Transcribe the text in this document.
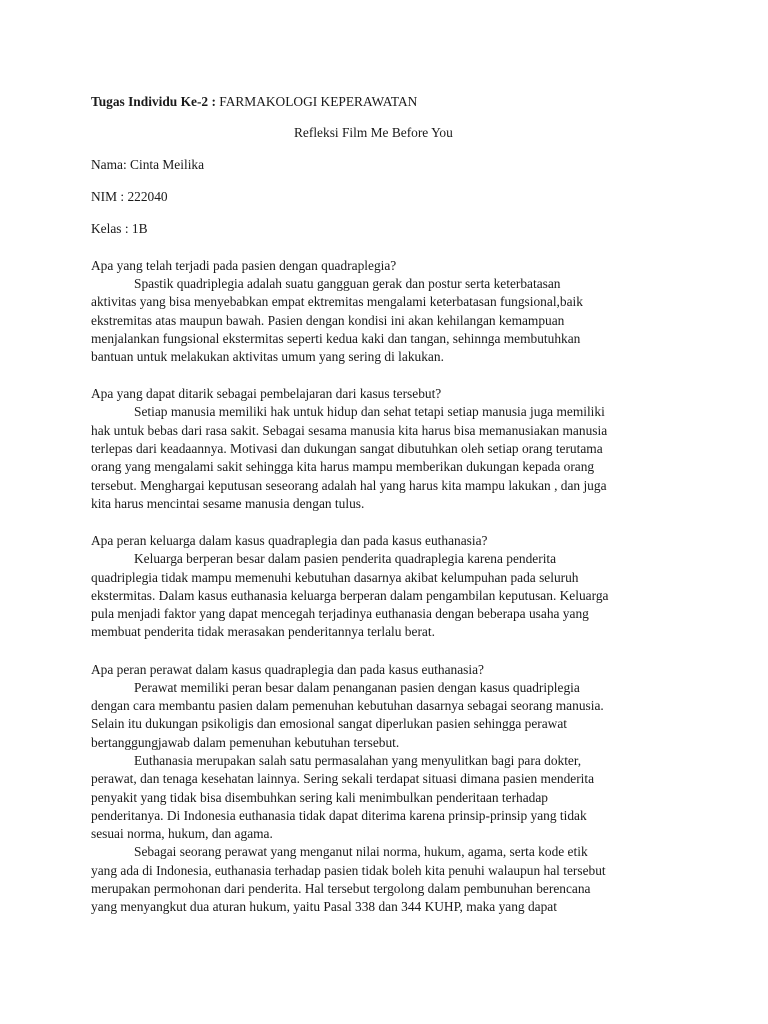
Tugas Individu Ke-2 : FARMAKOLOGI KEPERAWATAN
Refleksi Film Me Before You
Nama: Cinta Meilika
NIM : 222040
Kelas : 1B
Apa yang telah terjadi pada pasien dengan quadraplegia?
Spastik quadriplegia adalah suatu gangguan gerak dan postur serta keterbatasan
aktivitas yang bisa menyebabkan empat ektremitas mengalami keterbatasan fungsional,baik
ekstremitas atas maupun bawah. Pasien dengan kondisi ini akan kehilangan kemampuan
menjalankan fungsional ekstermitas seperti kedua kaki dan tangan, sehinnga membutuhkan
bantuan untuk melakukan aktivitas umum yang sering di lakukan.
Apa yang dapat ditarik sebagai pembelajaran dari kasus tersebut?
Setiap manusia memiliki hak untuk hidup dan sehat tetapi setiap manusia juga memiliki
hak untuk bebas dari rasa sakit. Sebagai sesama manusia kita harus bisa memanusiakan manusia
terlepas dari keadaannya. Motivasi dan dukungan sangat dibutuhkan oleh setiap orang terutama
orang yang mengalami sakit sehingga kita harus mampu memberikan dukungan kepada orang
tersebut. Menghargai keputusan seseorang adalah hal yang harus kita mampu lakukan , dan juga
kita harus mencintai sesame manusia dengan tulus.
Apa peran keluarga dalam kasus quadraplegia dan pada kasus euthanasia?
Keluarga berperan besar dalam pasien penderita quadraplegia karena penderita
quadriplegia tidak mampu memenuhi kebutuhan dasarnya akibat kelumpuhan pada seluruh
ekstermitas. Dalam kasus euthanasia keluarga berperan dalam pengambilan keputusan. Keluarga
pula menjadi faktor yang dapat mencegah terjadinya euthanasia dengan beberapa usaha yang
membuat penderita tidak merasakan penderitannya terlalu berat.
Apa peran perawat dalam kasus quadraplegia dan pada kasus euthanasia?
Perawat memiliki peran besar dalam penanganan pasien dengan kasus quadriplegia
dengan cara membantu pasien dalam pemenuhan kebutuhan dasarnya sebagai seorang manusia.
Selain itu dukungan psikoligis dan emosional sangat diperlukan pasien sehingga perawat
bertanggungjawab dalam pemenuhan kebutuhan tersebut.
Euthanasia merupakan salah satu permasalahan yang menyulitkan bagi para dokter,
perawat, dan tenaga kesehatan lainnya. Sering sekali terdapat situasi dimana pasien menderita
penyakit yang tidak bisa disembuhkan sering kali menimbulkan penderitaan terhadap
penderitanya. Di Indonesia euthanasia tidak dapat diterima karena prinsip-prinsip yang tidak
sesuai norma, hukum, dan agama.
Sebagai seorang perawat yang menganut nilai norma, hukum, agama, serta kode etik
yang ada di Indonesia, euthanasia terhadap pasien tidak boleh kita penuhi walaupun hal tersebut
merupakan permohonan dari penderita. Hal tersebut tergolong dalam pembunuhan berencana
yang menyangkut dua aturan hukum, yaitu Pasal 338 dan 344 KUHP, maka yang dapat
